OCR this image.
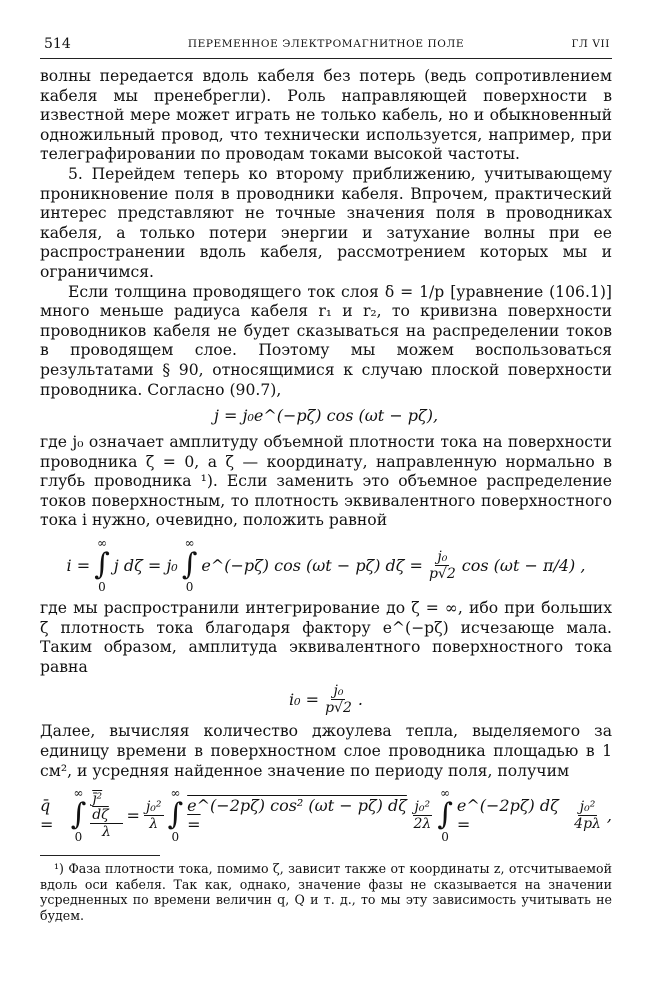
514	ПЕРЕМЕННОЕ ЭЛЕКТРОМАГНИТНОЕ ПОЛЕ	ГЛ VII

волны передается вдоль кабеля без потерь (ведь сопротивлением кабеля мы пренебрегли). Роль направляющей поверхности в известной мере может играть не только кабель, но и обыкновенный одножильный провод, что технически используется, например, при телеграфировании по проводам токами высокой частоты.

5. Перейдем теперь ко второму приближению, учитывающему проникновение поля в проводники кабеля. Впрочем, практический интерес представляют не точные значения поля в проводниках кабеля, а только потери энергии и затухание волны при ее распространении вдоль кабеля, рассмотрением которых мы и ограничимся.

Если толщина проводящего ток слоя δ = 1/p [уравнение (106.1)] много меньше радиуса кабеля r₁ и r₂, то кривизна поверхности проводников кабеля не будет сказываться на распределении токов в проводящем слое. Поэтому мы можем воспользоваться результатами § 90, относящимися к случаю плоской поверхности проводника. Согласно (90.7),

j = j₀e^(−pζ) cos (ωt − pζ),

где j₀ означает амплитуду объемной плотности тока на поверхности проводника ζ = 0, а ζ — координату, направленную нормально в глубь проводника ¹). Если заменить это объемное распределение токов поверхностным, то плотность эквивалентного поверхностного тока i нужно, очевидно, положить равной

i =
∞
∫
0
j dζ = j₀
∞
∫
0
e^(−pζ) cos (ωt − pζ) $d\zeta = \frac{\text{j₀}}{p√2}$ cos (ωt − π/4) ,

где мы распространили интегрирование до ζ = ∞, ибо при больших ζ плотность тока благодаря фактору e^(−pζ) исчезающе мала. Таким образом, амплитуда эквивалентного поверхностного тока равна

$i_0 = \frac{\text{j₀}}{p√2}$ .

Далее, вычисляя количество джоулева тепла, выделяемого за единицу времени в поверхностном слое проводника площадью в 1 см², и усредняя найденное значение по периоду поля, получим

q̄ =
∞
∫
$0 \frac{\text{j̄² dζ}}{\lambda} = \frac{\text{j₀²}}{\lambda}$
∞
∫
0
e^(−2pζ) cos² (ωt − pζ) dζ =	$\frac{\text{j₀²}}{2\lambda}$
∞
∫
0
e^(−2pζ) dζ =	$\frac{\text{j₀²}}{4p\lambda}$ ,

¹) Фаза плотности тока, помимо ζ, зависит также от координаты z, отсчитываемой вдоль оси кабеля. Так как, однако, значение фазы не сказывается на значении усредненных по времени величин q, Q и т. д., то мы эту зависимость учитывать не будем.
